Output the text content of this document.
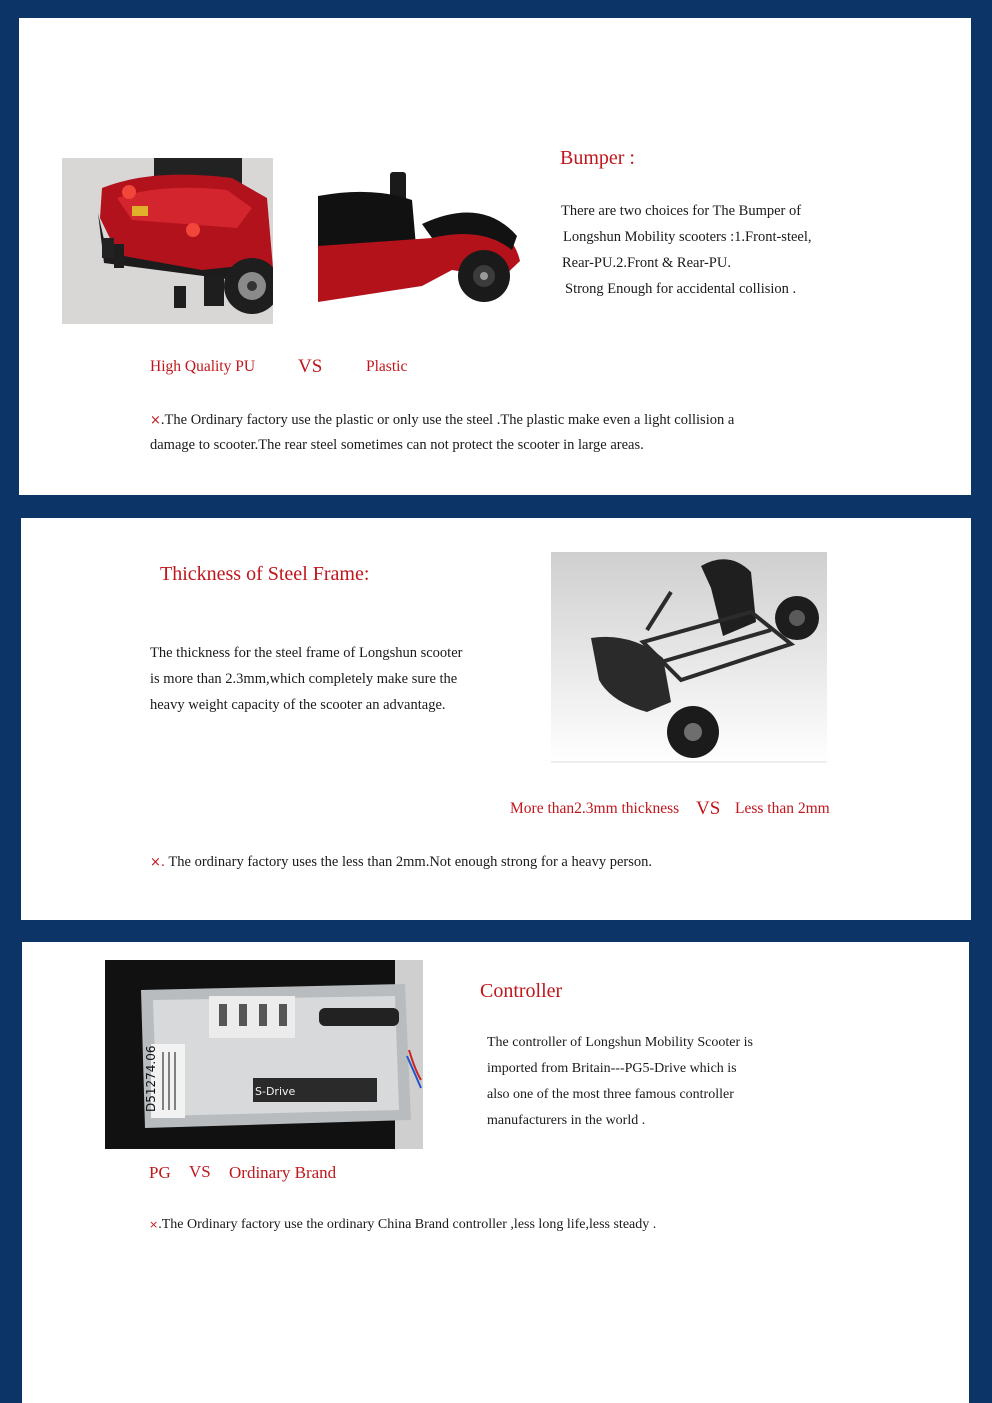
Bumper :
There are two choices for The Bumper of
Longshun Mobility scooters :1.Front-steel,
Rear-PU.2.Front & Rear-PU.
Strong Enough for accidental collision .
High Quality PU VS	Plastic
×.The Ordinary factory use the plastic or only use the steel .The plastic make even a light collision a
damage to scooter.The rear steel sometimes can not protect the scooter in large areas.
Thickness of Steel Frame:
The thickness for the steel frame of Longshun scooter
is more than 2.3mm,which completely make sure the
heavy weight capacity of the scooter an advantage.
More than2.3mm thickness VS Less than 2mm
×. The ordinary factory uses the less than 2mm.Not enough strong for a heavy person.
S-Drive
D51274.06
Controller
The controller of Longshun Mobility Scooter is
imported from Britain---PG5-Drive which is
also one of the most three famous controller
manufacturers in the world .
PG VS Ordinary Brand
×.The Ordinary factory use the ordinary China Brand controller ,less long life,less steady .
